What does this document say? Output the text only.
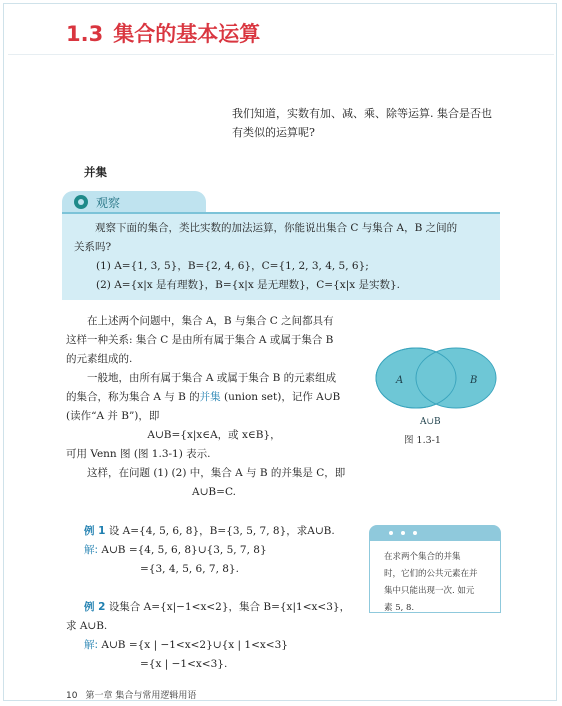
1.3 集合的基本运算

我们知道，实数有加、减、乘、除等运算. 集合是否也

有类似的运算呢?

并集
观察

观察下面的集合，类比实数的加法运算，你能说出集合 C 与集合 A，B 之间的

关系吗?

(1) A={1, 3, 5}，B={2, 4, 6}，C={1, 2, 3, 4, 5, 6};

(2) A={x|x 是有理数}，B={x|x 是无理数}，C={x|x 是实数}.

在上述两个问题中，集合 A，B 与集合 C 之间都具有

这样一种关系: 集合 C 是由所有属于集合 A 或属于集合 B

的元素组成的.

一般地，由所有属于集合 A 或属于集合 B 的元素组成

的集合，称为集合 A 与 B 的并集 (union set)，记作 A∪B

(读作“A 并 B”)，即

A∪B={x|x∈A，或 x∈B}，

可用 Venn 图 (图 1.3-1) 表示.

这样，在问题 (1) (2) 中，集合 A 与 B 的并集是 C，即

A∪B=C.

A	B
A∪B
图 1.3-1

例 1 设 A={4, 5, 6, 8}，B={3, 5, 7, 8}，求A∪B.

解: A∪B ={4, 5, 6, 8}∪{3, 5, 7, 8}

={3, 4, 5, 6, 7, 8}.

例 2 设集合 A={x|−1<x<2}，集合 B={x|1<x<3}，

求 A∪B.

解: A∪B ={x | −1<x<2}∪{x | 1<x<3}

={x | −1<x<3}.

在求两个集合的并集
时，它们的公共元素在并
集中只能出现一次. 如元
素 5, 8.
10 第一章 集合与常用逻辑用语
